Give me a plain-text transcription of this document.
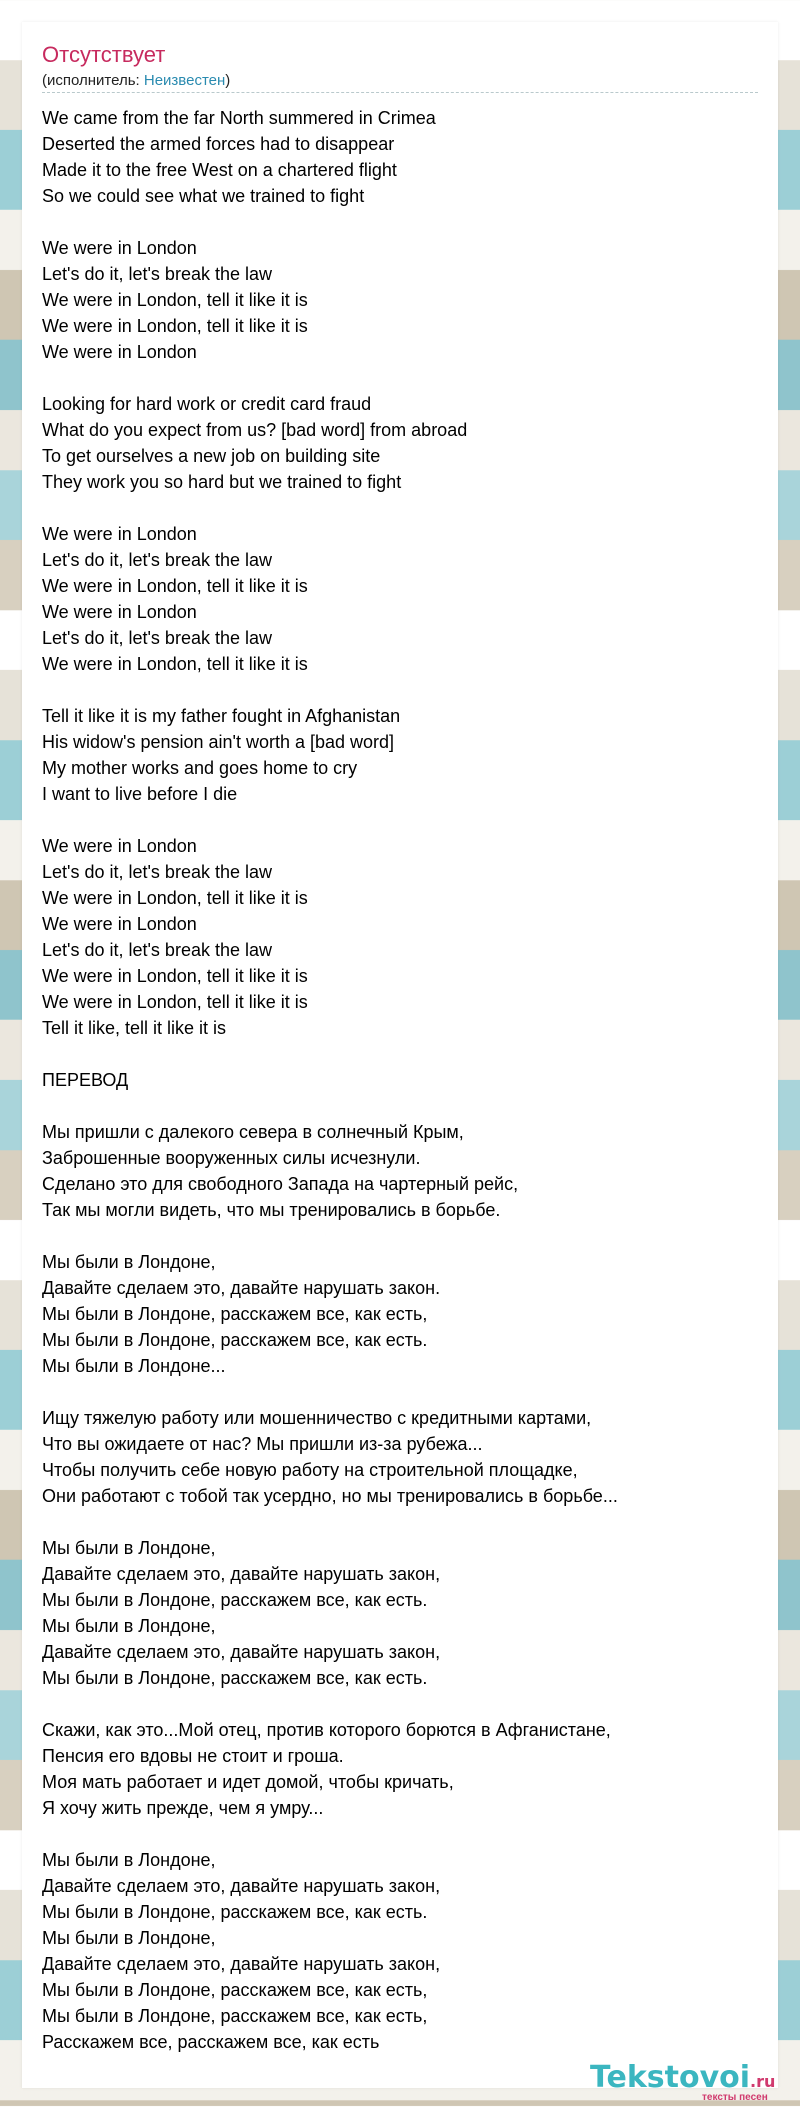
Отсутствует
(исполнитель: Неизвестен)
We came from the far North summered in Crimea
Deserted the armed forces had to disappear
Made it to the free West on a chartered flight
So we could see what we trained to fight
We were in London
Let's do it, let's break the law
We were in London, tell it like it is
We were in London, tell it like it is
We were in London
Looking for hard work or credit card fraud
What do you expect from us? [bad word] from abroad
To get ourselves a new job on building site
They work you so hard but we trained to fight
We were in London
Let's do it, let's break the law
We were in London, tell it like it is
We were in London
Let's do it, let's break the law
We were in London, tell it like it is
Tell it like it is my father fought in Afghanistan
His widow's pension ain't worth a [bad word]
My mother works and goes home to cry
I want to live before I die
We were in London
Let's do it, let's break the law
We were in London, tell it like it is
We were in London
Let's do it, let's break the law
We were in London, tell it like it is
We were in London, tell it like it is
Tell it like, tell it like it is
ПЕРЕВОД
Мы пришли с далекого севера в солнечный Крым,
Заброшенные вооруженных силы исчезнули.
Сделано это для свободного Запада на чартерный рейс,
Так мы могли видеть, что мы тренировались в борьбе.
Мы были в Лондоне,
Давайте сделаем это, давайте нарушать закон.
Мы были в Лондоне, расскажем все, как есть,
Мы были в Лондоне, расскажем все, как есть.
Мы были в Лондоне...
Ищу тяжелую работу или мошенничество с кредитными картами,
Что вы ожидаете от нас? Мы пришли из-за рубежа...
Чтобы получить себе новую работу на строительной площадке,
Они работают с тобой так усердно, но мы тренировались в борьбе...
Мы были в Лондоне,
Давайте сделаем это, давайте нарушать закон,
Мы были в Лондоне, расскажем все, как есть.
Мы были в Лондоне,
Давайте сделаем это, давайте нарушать закон,
Мы были в Лондоне, расскажем все, как есть.
Скажи, как это...Мой отец, против которого борются в Афганистане,
Пенсия его вдовы не стоит и гроша.
Моя мать работает и идет домой, чтобы кричать,
Я хочу жить прежде, чем я умру...
Мы были в Лондоне,
Давайте сделаем это, давайте нарушать закон,
Мы были в Лондоне, расскажем все, как есть.
Мы были в Лондоне,
Давайте сделаем это, давайте нарушать закон,
Мы были в Лондоне, расскажем все, как есть,
Мы были в Лондоне, расскажем все, как есть,
Расскажем все, расскажем все, как есть
Tekstovoi.ru
тексты песен
